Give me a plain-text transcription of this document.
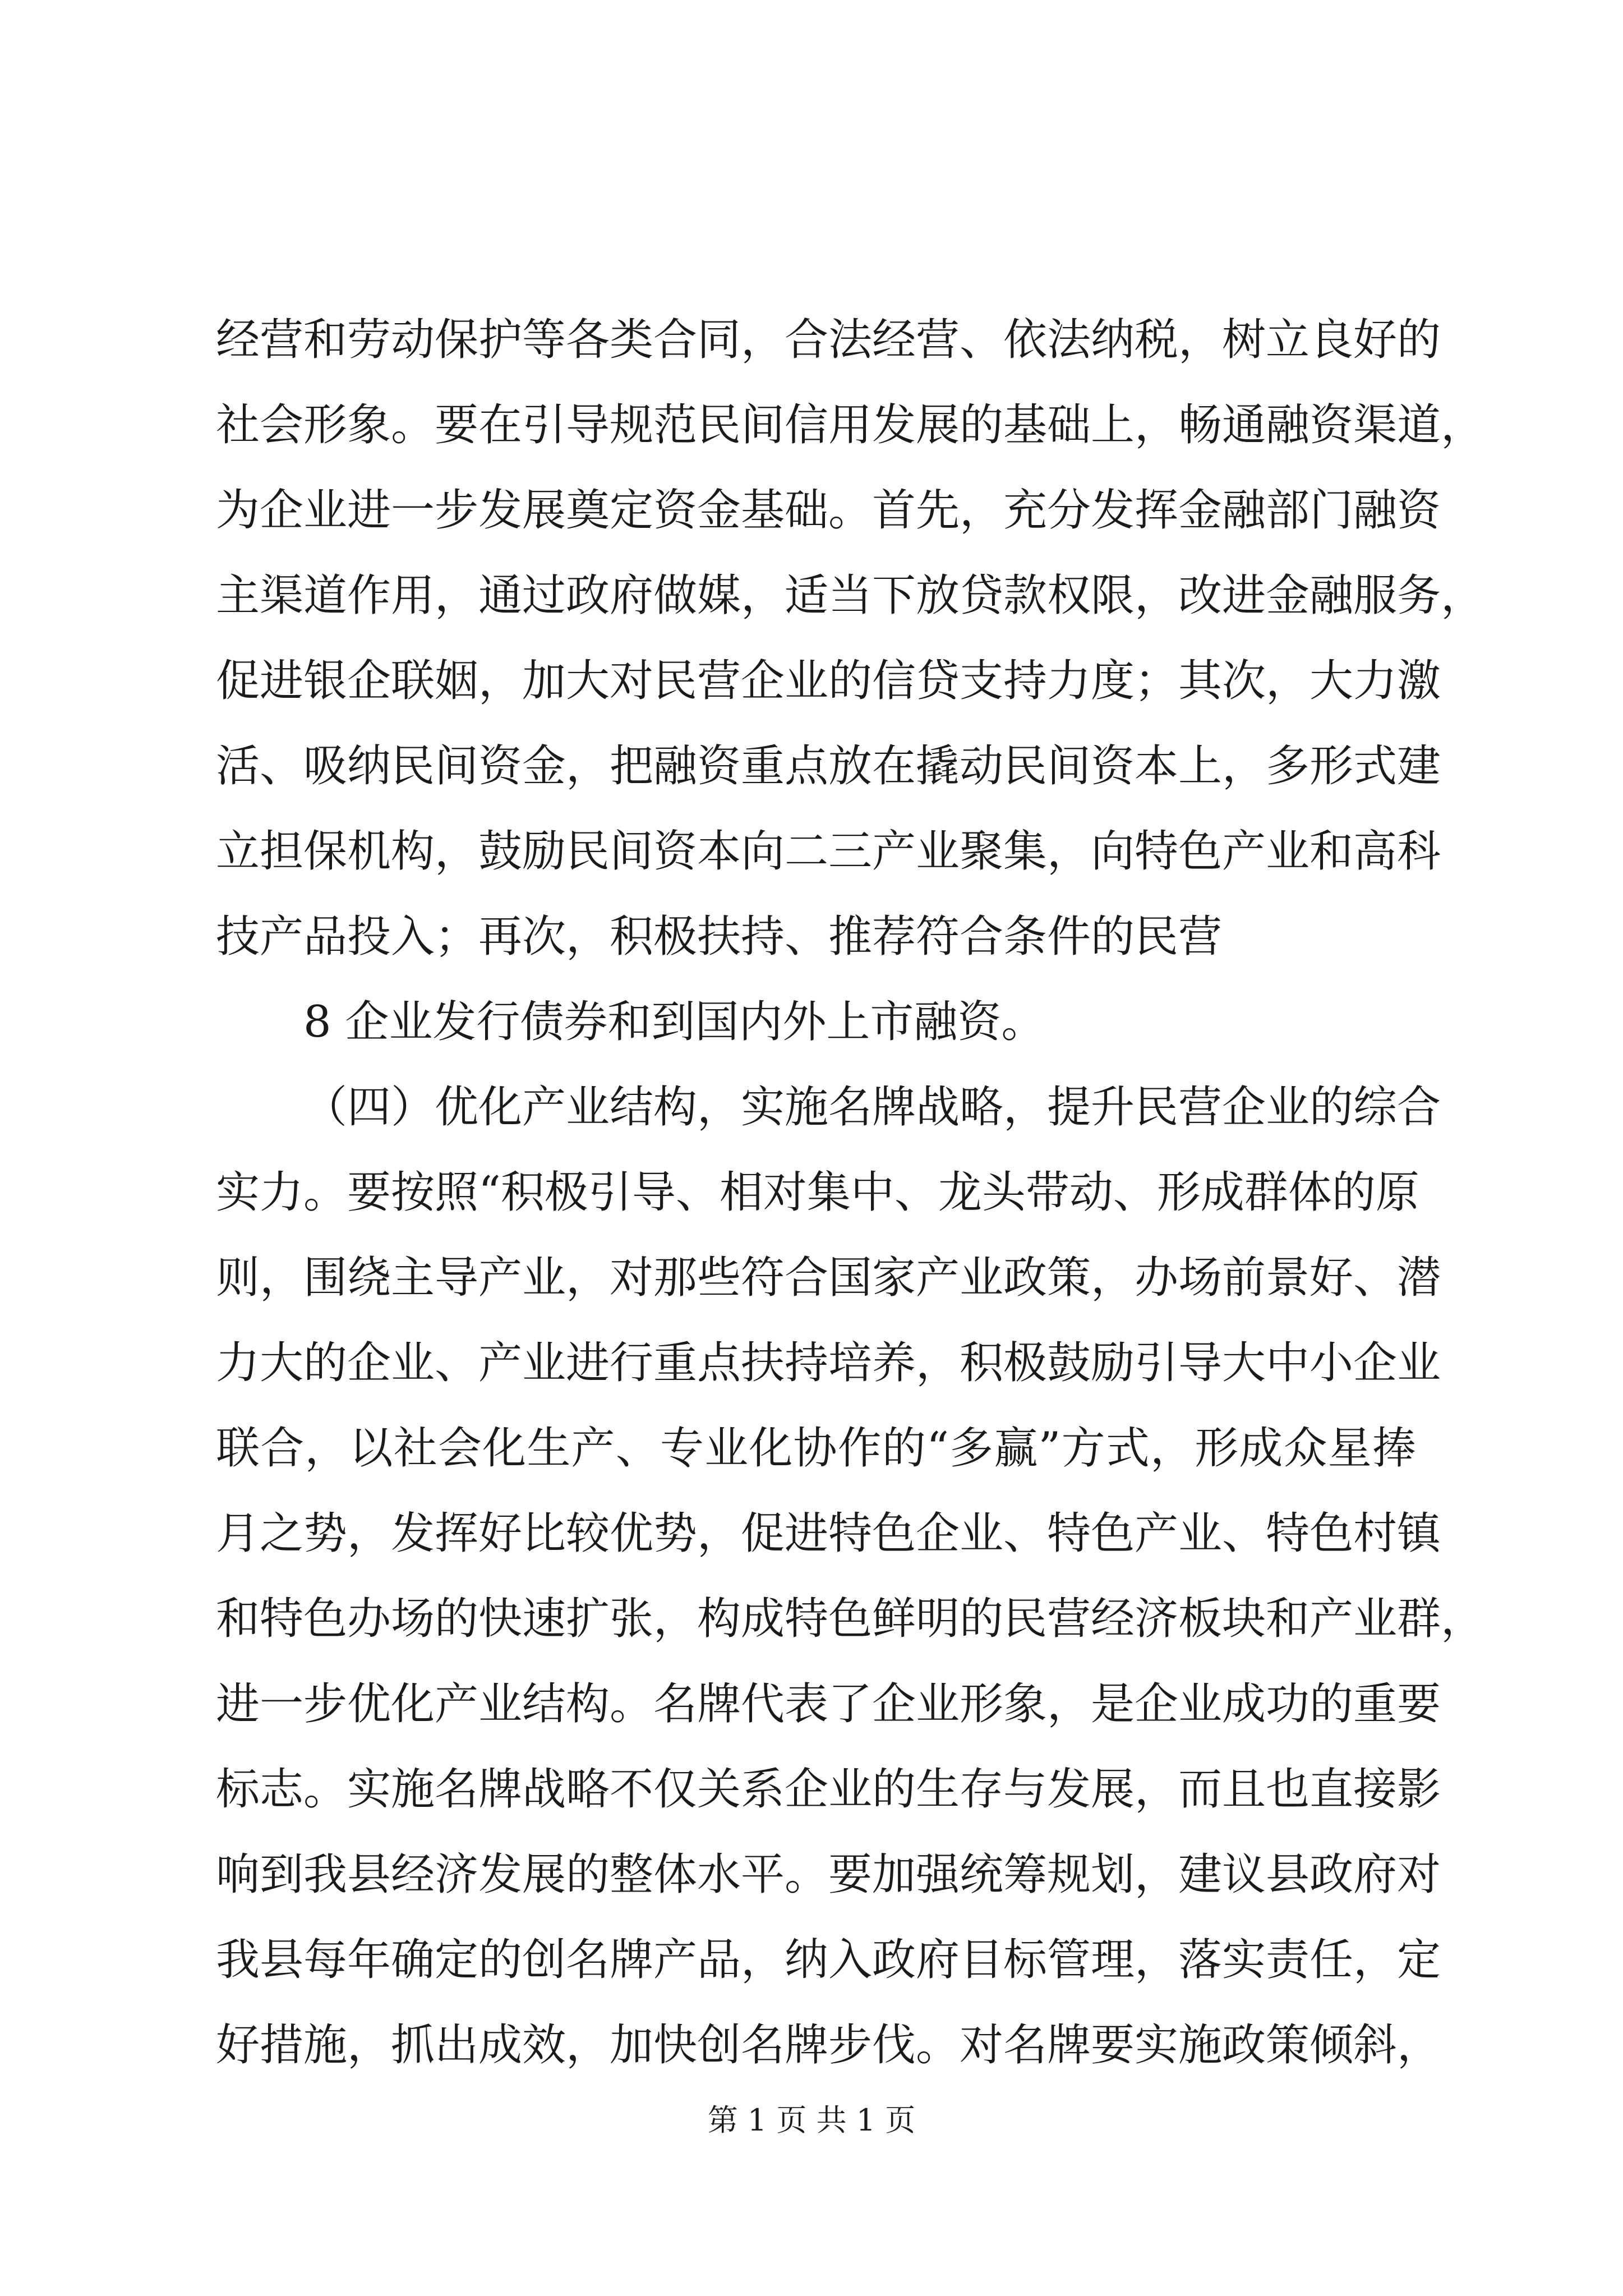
经营和劳动保护等各类合同，合法经营、依法纳税，树立良好的
社会形象。要在引导规范民间信用发展的基础上，畅通融资渠道，
为企业进一步发展奠定资金基础。首先，充分发挥金融部门融资
主渠道作用，通过政府做媒，适当下放贷款权限，改进金融服务，
促进银企联姻，加大对民营企业的信贷支持力度；其次，大力激
活、吸纳民间资金，把融资重点放在撬动民间资本上，多形式建
立担保机构，鼓励民间资本向二三产业聚集，向特色产业和高科
技产品投入；再次，积极扶持、推荐符合条件的民营
8 企业发行债券和到国内外上市融资。
（四）优化产业结构，实施名牌战略，提升民营企业的综合
实力。要按照“积极引导、相对集中、龙头带动、形成群体的原
则，围绕主导产业，对那些符合国家产业政策，办场前景好、潜
力大的企业、产业进行重点扶持培养，积极鼓励引导大中小企业
联合，以社会化生产、专业化协作的“多赢”方式，形成众星捧
月之势，发挥好比较优势，促进特色企业、特色产业、特色村镇
和特色办场的快速扩张，构成特色鲜明的民营经济板块和产业群，
进一步优化产业结构。名牌代表了企业形象，是企业成功的重要
标志。实施名牌战略不仅关系企业的生存与发展，而且也直接影
响到我县经济发展的整体水平。要加强统筹规划，建议县政府对
我县每年确定的创名牌产品，纳入政府目标管理，落实责任，定
好措施，抓出成效，加快创名牌步伐。对名牌要实施政策倾斜，
第 1 页 共 1 页
